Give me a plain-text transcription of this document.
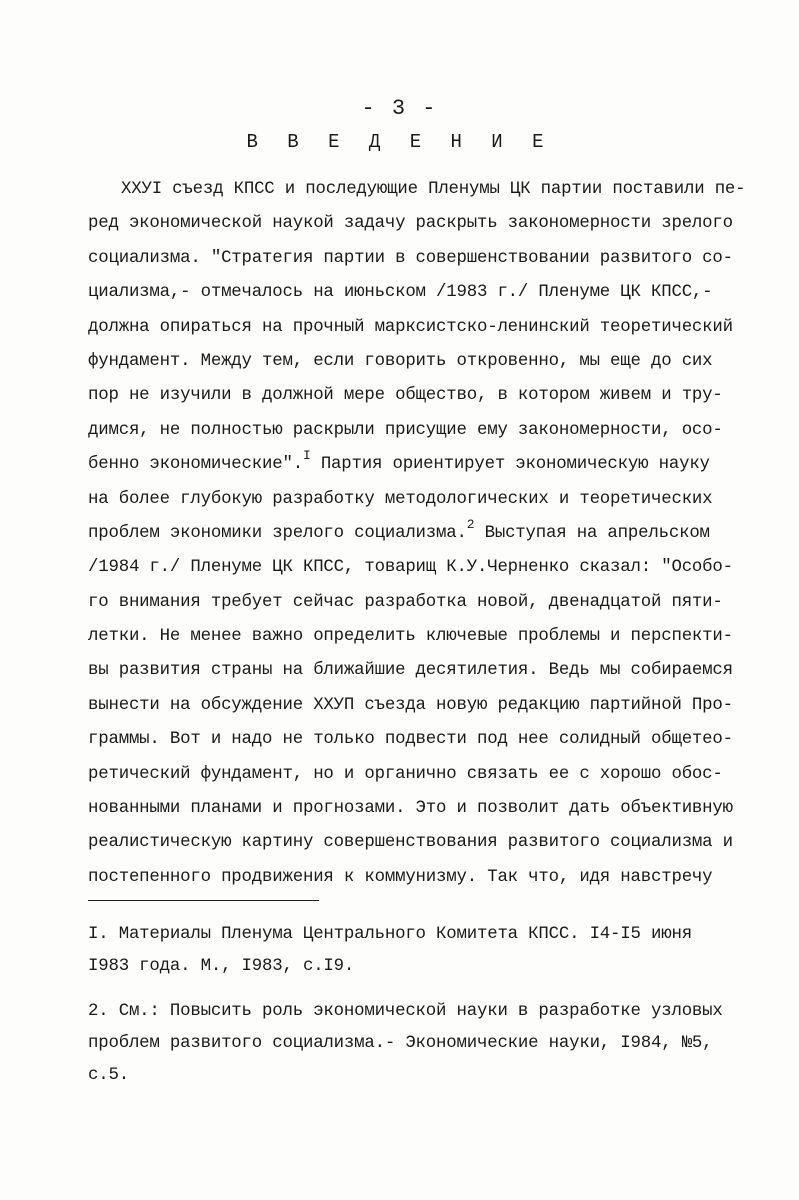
- 3 -
В В Е Д Е Н И Е
ХХУI съезд КПСС и последующие Пленумы ЦК партии поставили пе-
ред экономической наукой задачу раскрыть закономерности зрелого
социализма. "Стратегия партии в совершенствовании развитого со-
циализма,- отмечалось на июньском /1983 г./ Пленуме ЦК КПСС,-
должна опираться на прочный марксистско-ленинский теоретический
фундамент. Между тем, если говорить откровенно, мы еще до сих
пор не изучили в должной мере общество, в котором живем и тру-
димся, не полностью раскрыли присущие ему закономерности, осо-
бенно экономические".$^I$ Партия ориентирует экономическую науку
на более глубокую разработку методологических и теоретических
проблем экономики зрелого социализма.$^2$ Выступая на апрельском
/1984 г./ Пленуме ЦК КПСС, товарищ К.У.Черненко сказал: "Особо-
го внимания требует сейчас разработка новой, двенадцатой пяти-
летки. Не менее важно определить ключевые проблемы и перспекти-
вы развития страны на ближайшие десятилетия. Ведь мы собираемся
вынести на обсуждение ХХУП съезда новую редакцию партийной Про-
граммы. Вот и надо не только подвести под нее солидный общетео-
ретический фундамент, но и органично связать ее с хорошо обос-
нованными планами и прогнозами. Это и позволит дать объективную
реалистическую картину совершенствования развитого социализма и
постепенного продвижения к коммунизму. Так что, идя навстречу
I. Материалы Пленума Центрального Комитета КПСС. I4-I5 июня
I983 года. М., I983, с.I9.
2. См.: Повысить роль экономической науки в разработке узловых
проблем развитого социализма.- Экономические науки, I984, №5,
с.5.
